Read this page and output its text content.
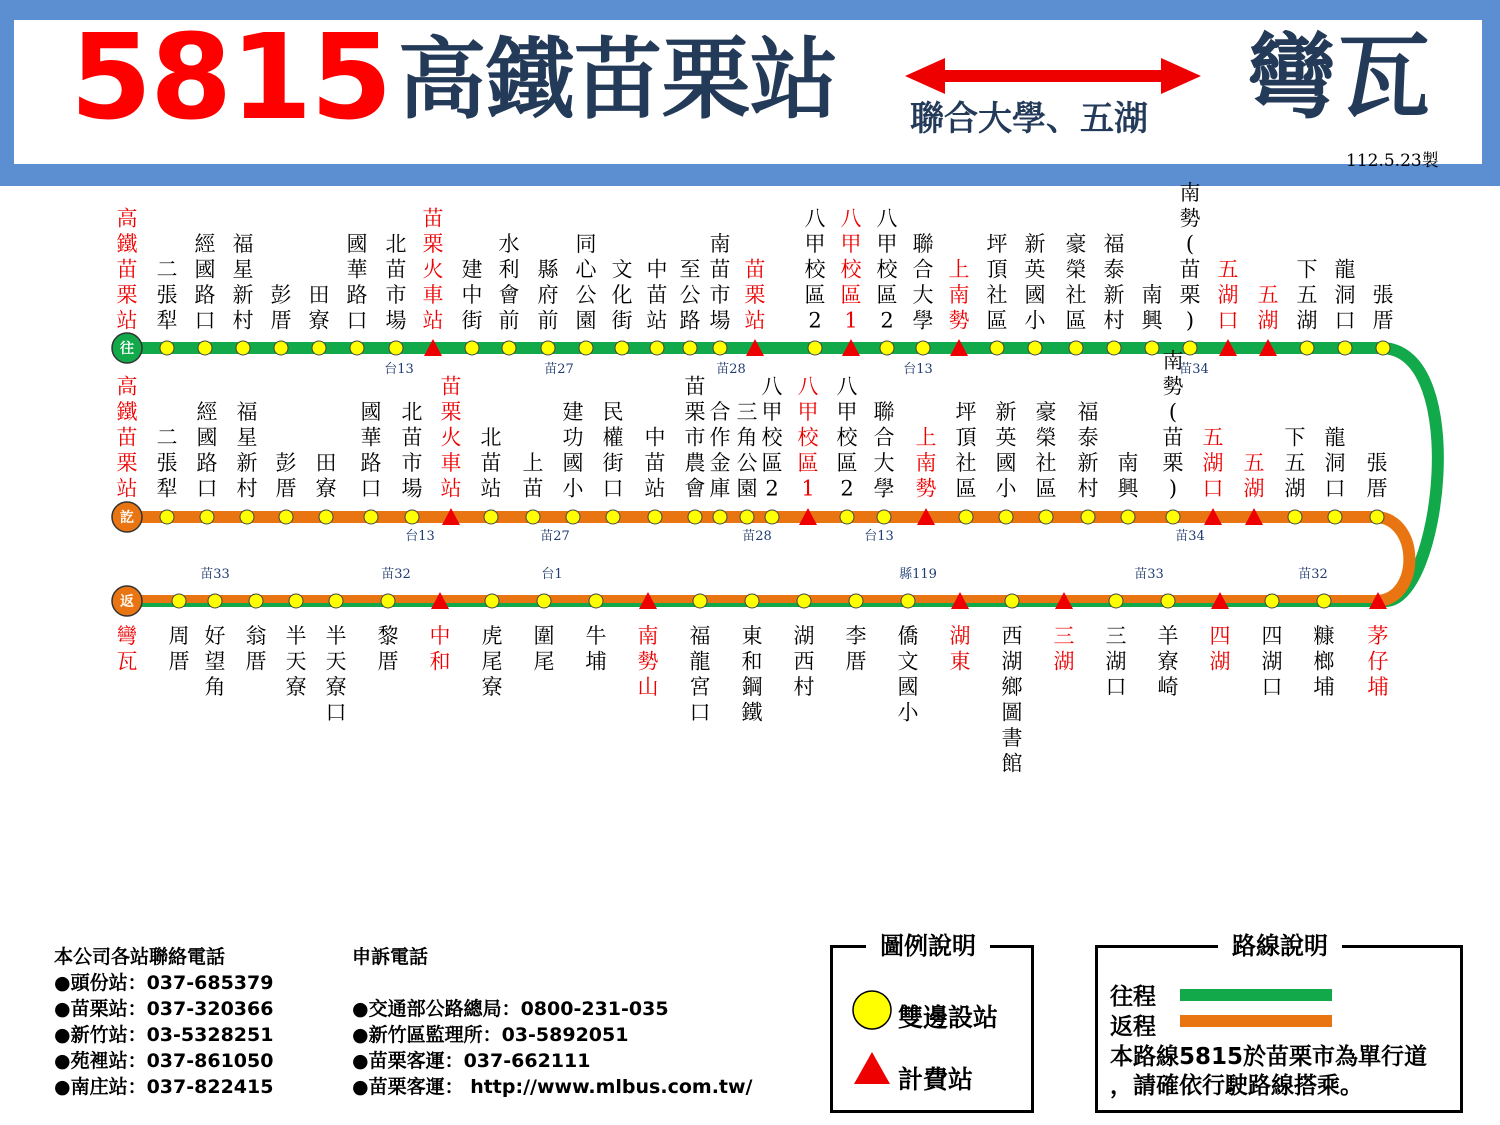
5815 高鐵苗栗站 聯合大學、五湖 彎瓦
112.5.23製
高
鐵
苗
栗
站
二
張
犁
經
國
路
口
福
星
新
村
彭
厝
田
寮
國
華
路
口
北
苗
市
場
苗
栗
火
車
站
建
中
街
水
利
會
前
縣
府
前
同
心
公
園
文
化
街
中
苗
站
至
公
路
南
苗
市
場
苗
栗
站
八
甲
校
區
2
八
甲
校
區
1
八
甲
校
區
2
聯
合
大
學
上
南
勢
坪
頂
社
區
新
英
國
小
豪
榮
社
區
福
泰
新
村
南
興
南
勢
(
苗
栗
)
五
湖
口
五
湖
下
五
湖
龍
洞
口
張
厝
高
鐵
苗
栗
站
二
張
犁
經
國
路
口
福
星
新
村
彭
厝
田
寮
國
華
路
口
北
苗
市
場
苗
栗
火
車
站
北
苗
站
上
苗
建
功
國
小
民
權
街
口
中
苗
站
苗
栗
市
農
會
合
作
金
庫
三
角
公
園
八
甲
校
區
2
八
甲
校
區
1
八
甲
校
區
2
聯
合
大
學
上
南
勢
坪
頂
社
區
新
英
國
小
豪
榮
社
區
福
泰
新
村
南
興
南
勢
(
苗
栗
)
五
湖
口
五
湖
下
五
湖
龍
洞
口
張
厝
彎
瓦
周
厝
好
望
角
翁
厝
半
天
寮
半
天
寮
口
黎
厝
中
和
虎
尾
寮
圍
尾
牛
埔
南
勢
山
福
龍
宮
口
東
和
鋼
鐵
湖
西
村
李
厝
僑
文
國
小
湖
東
西
湖
鄉
圖
書
館
三
湖
三
湖
口
羊
寮
崎
四
湖
四
湖
口
糠
榔
埔
茅
仔
埔
往
訖
返
台13	苗27	苗28	台13	苗34
台13	苗27	苗28	台13	苗34
苗33	苗32	台1	縣119	苗33	苗32
本公司各站聯絡電話
●頭份站：037-685379
●苗栗站：037-320366
●新竹站：03-5328251
●苑裡站：037-861050
●南庄站：037-822415
申訴電話
●交通部公路總局：0800-231-035
●新竹區監理所：03-5892051
●苗栗客運：037-662111
●苗栗客運： http://www.mlbus.com.tw/
圖例說明
雙邊設站
計費站
路線說明
往程
返程
本路線5815於苗栗市為單行道
，請確依行駛路線搭乘。
